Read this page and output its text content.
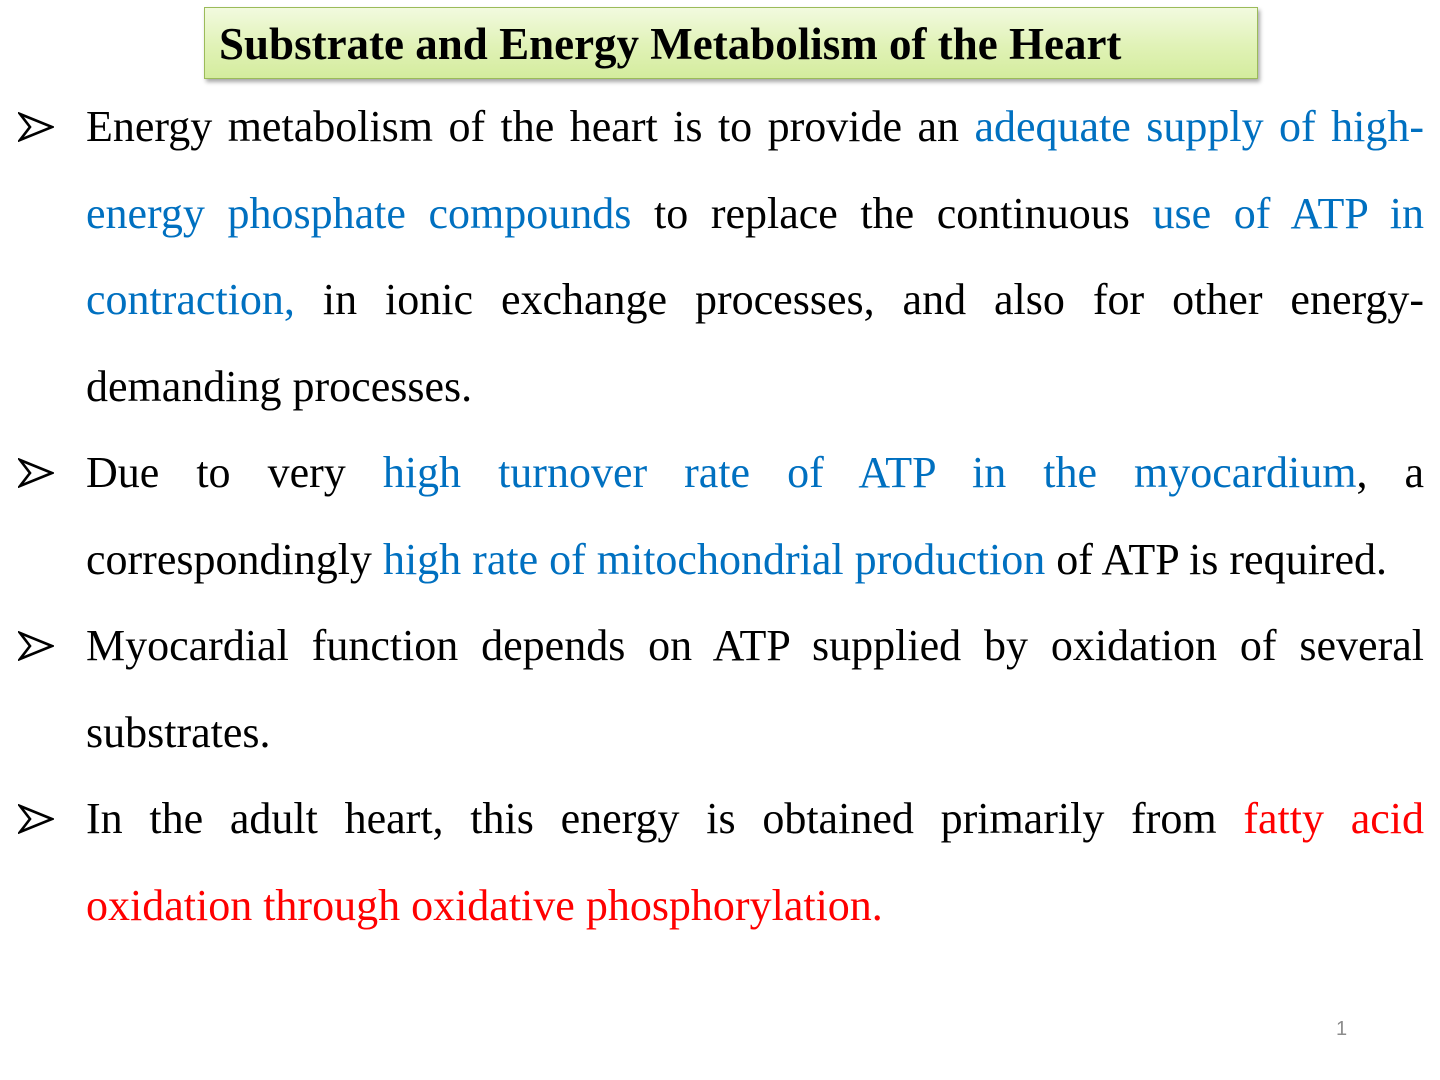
Substrate and Energy Metabolism of the Heart
Energy metabolism of the heart is to provide an adequate supply of high-energy phosphate compounds to replace the continuous use of ATP in contraction, in ionic exchange processes, and also for other energy-demanding processes.
Due to very high turnover rate of ATP in the myocardium, a correspondingly high rate of mitochondrial production of ATP is required.
Myocardial function depends on ATP supplied by oxidation of several substrates.
In the adult heart, this energy is obtained primarily from fatty acid oxidation through oxidative phosphorylation.
1
